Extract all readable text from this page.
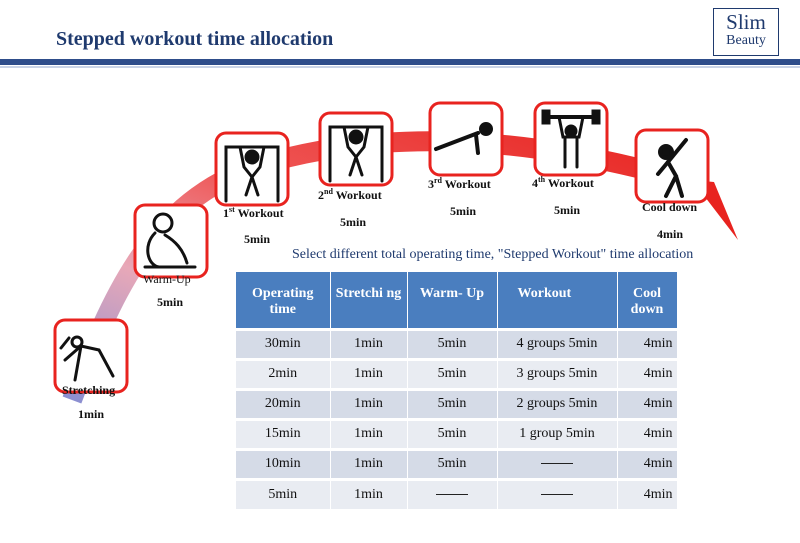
Stepped workout time allocation
Slim
Beauty
Stretching
1min
Warm-Up
5min
1st Workout
5min
2nd Workout
5min
3rd Workout
5min
4th Workout
5min	Cool down
4min
Select different total operating time, "Stepped Workout" time allocation
Operating time	Stretchi ng	Warm- Up	Workout	Cool down
30min	1min	5min	4 groups 5min	4min
2min	1min	5min	3 groups 5min	4min
20min	1min	5min	2 groups 5min	4min
15min	1min	5min	1 group 5min	4min
10min	1min	5min		4min
5min	1min			4min
